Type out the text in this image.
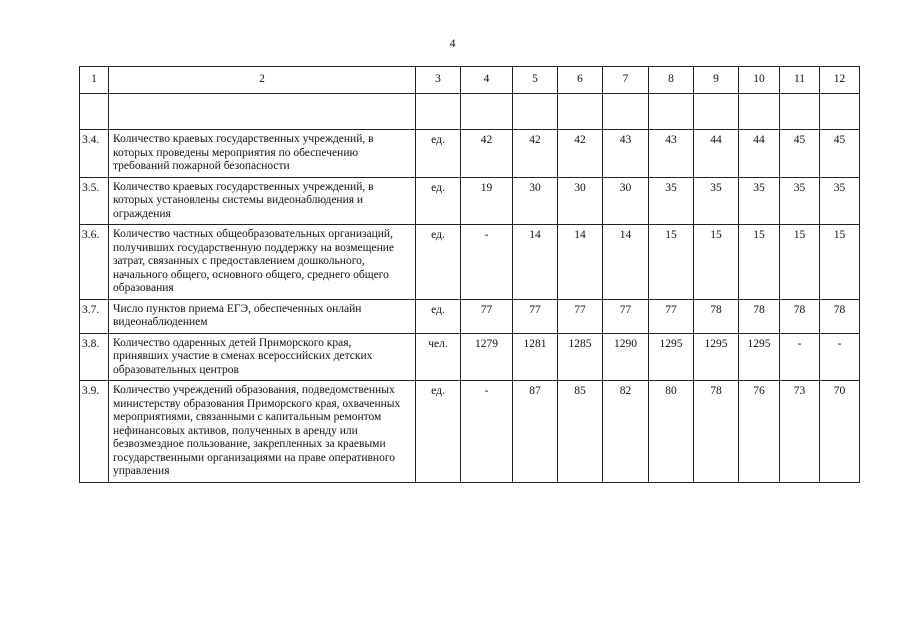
4
1	2	3	4	5	6	7	8	9	10	11	12

3.4.	Количество краевых государственных учреждений, в которых проведены мероприятия по обеспечению требований пожарной безопасности	ед.	42	42	42	43	43	44	44	45	45
3.5.	Количество краевых государственных учреждений, в которых установлены системы видеонаблюдения и ограждения	ед.	19	30	30	30	35	35	35	35	35
3.6.	Количество частных общеобразовательных организаций, получивших государственную поддержку на возмещение затрат, связанных с предоставлением дошкольного, начального общего, основного общего, среднего общего образования	ед.	-	14	14	14	15	15	15	15	15
3.7.	Число пунктов приема ЕГЭ, обеспеченных онлайн видеонаблюдением	ед.	77	77	77	77	77	78	78	78	78
3.8.	Количество одаренных детей Приморского края, принявших участие в сменах всероссийских детских образовательных центров	чел.	1279	1281	1285	1290	1295	1295	1295	-	-
3.9.	Количество учреждений образования, подведомственных министерству образования Приморского края, охваченных мероприятиями, связанными с капитальным ремонтом нефинансовых активов, полученных в аренду или безвозмездное пользование, закрепленных за краевыми государственными организациями на праве оперативного управления	ед.	-	87	85	82	80	78	76	73	70
